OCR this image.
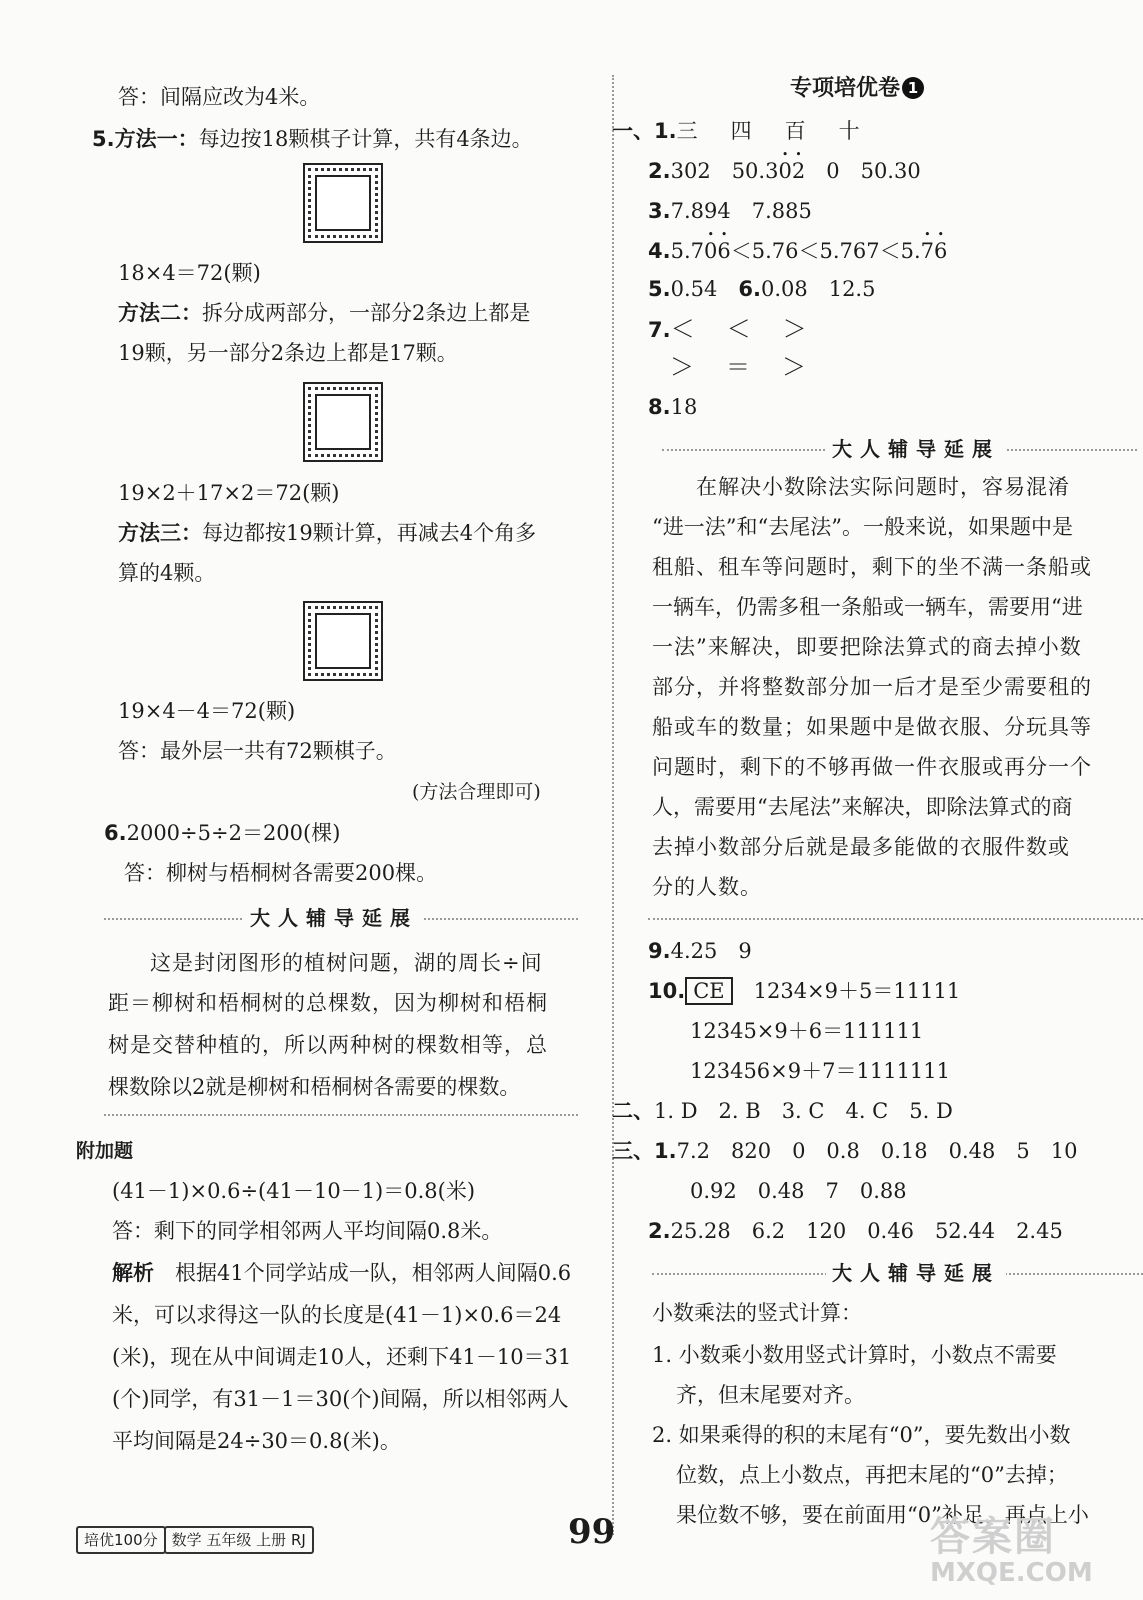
答：间隔应改为4米。
5.方法一：每边按18颗棋子计算，共有4条边。
18×4＝72(颗)
方法二：拆分成两部分，一部分2条边上都是
19颗，另一部分2条边上都是17颗。
19×2＋17×2＝72(颗)
方法三：每边都按19颗计算，再减去4个角多
算的4颗。
19×4－4＝72(颗)
答：最外层一共有72颗棋子。
(方法合理即可)
6.2000÷5÷2＝200(棵)
答：柳树与梧桐树各需要200棵。
大人辅导延展
这是封闭图形的植树问题，湖的周长÷间
距＝柳树和梧桐树的总棵数，因为柳树和梧桐
树是交替种植的，所以两种树的棵数相等，总
棵数除以2就是柳树和梧桐树各需要的棵数。
附加题
(41－1)×0.6÷(41－10－1)＝0.8(米)
答：剩下的同学相邻两人平均间隔0.8米。
解析　 根据41个同学站成一队，相邻两人间隔0.6
米，可以求得这一队的长度是(41－1)×0.6＝24
(米)，现在从中间调走10人，还剩下41－10＝31
(个)同学，有31－1＝30(个)间隔，所以相邻两人
平均间隔是24÷30＝0.8(米)。
专项培优卷 1
一、1.三　四　百　十
2.302　 50.3• 0• 2　 0　 50.30
3.7.894　7.885
4.5.7• 0• 6＜5.76＜5.767＜5.• 7• 6
5.0.54　 6.0.08　12.5
7.＜　＜　＞
＞　＝　＞
8.18
大人辅导延展
在解决小数除法实际问题时，容易混淆
“进一法”和“去尾法”。一般来说，如果题中是
租船、租车等问题时，剩下的坐不满一条船或
一辆车，仍需多租一条船或一辆车，需要用“进
一法”来解决，即要把除法算式的商去掉小数
部分，并将整数部分加一后才是至少需要租的
船或车的数量；如果题中是做衣服、分玩具等
问题时，剩下的不够再做一件衣服或再分一个
人，需要用“去尾法”来解决，即除法算式的商
去掉小数部分后就是最多能做的衣服件数或
分的人数。
9.4.25　9
10. CE　 1234×9＋5＝11111
12345×9＋6＝111111
123456×9＋7＝1111111
二、1. D　2. B　3. C　4. C　5. D
三、1.7.2　820　0　0.8　0.18　0.48　5　10
0.92　0.48　7　0.88
2.25.28　6.2　120　0.46　52.44　2.45
大人辅导延展
小数乘法的竖式计算：
1. 小数乘小数用竖式计算时，小数点不需要
齐，但末尾要对齐。
2. 如果乘得的积的末尾有“0”，要先数出小数
位数，点上小数点，再把末尾的“0”去掉；
果位数不够，要在前面用“0”补足，再点上小
培优100分 数学 五年级 上册 RJ	99	答案圈
MXQE.COM
